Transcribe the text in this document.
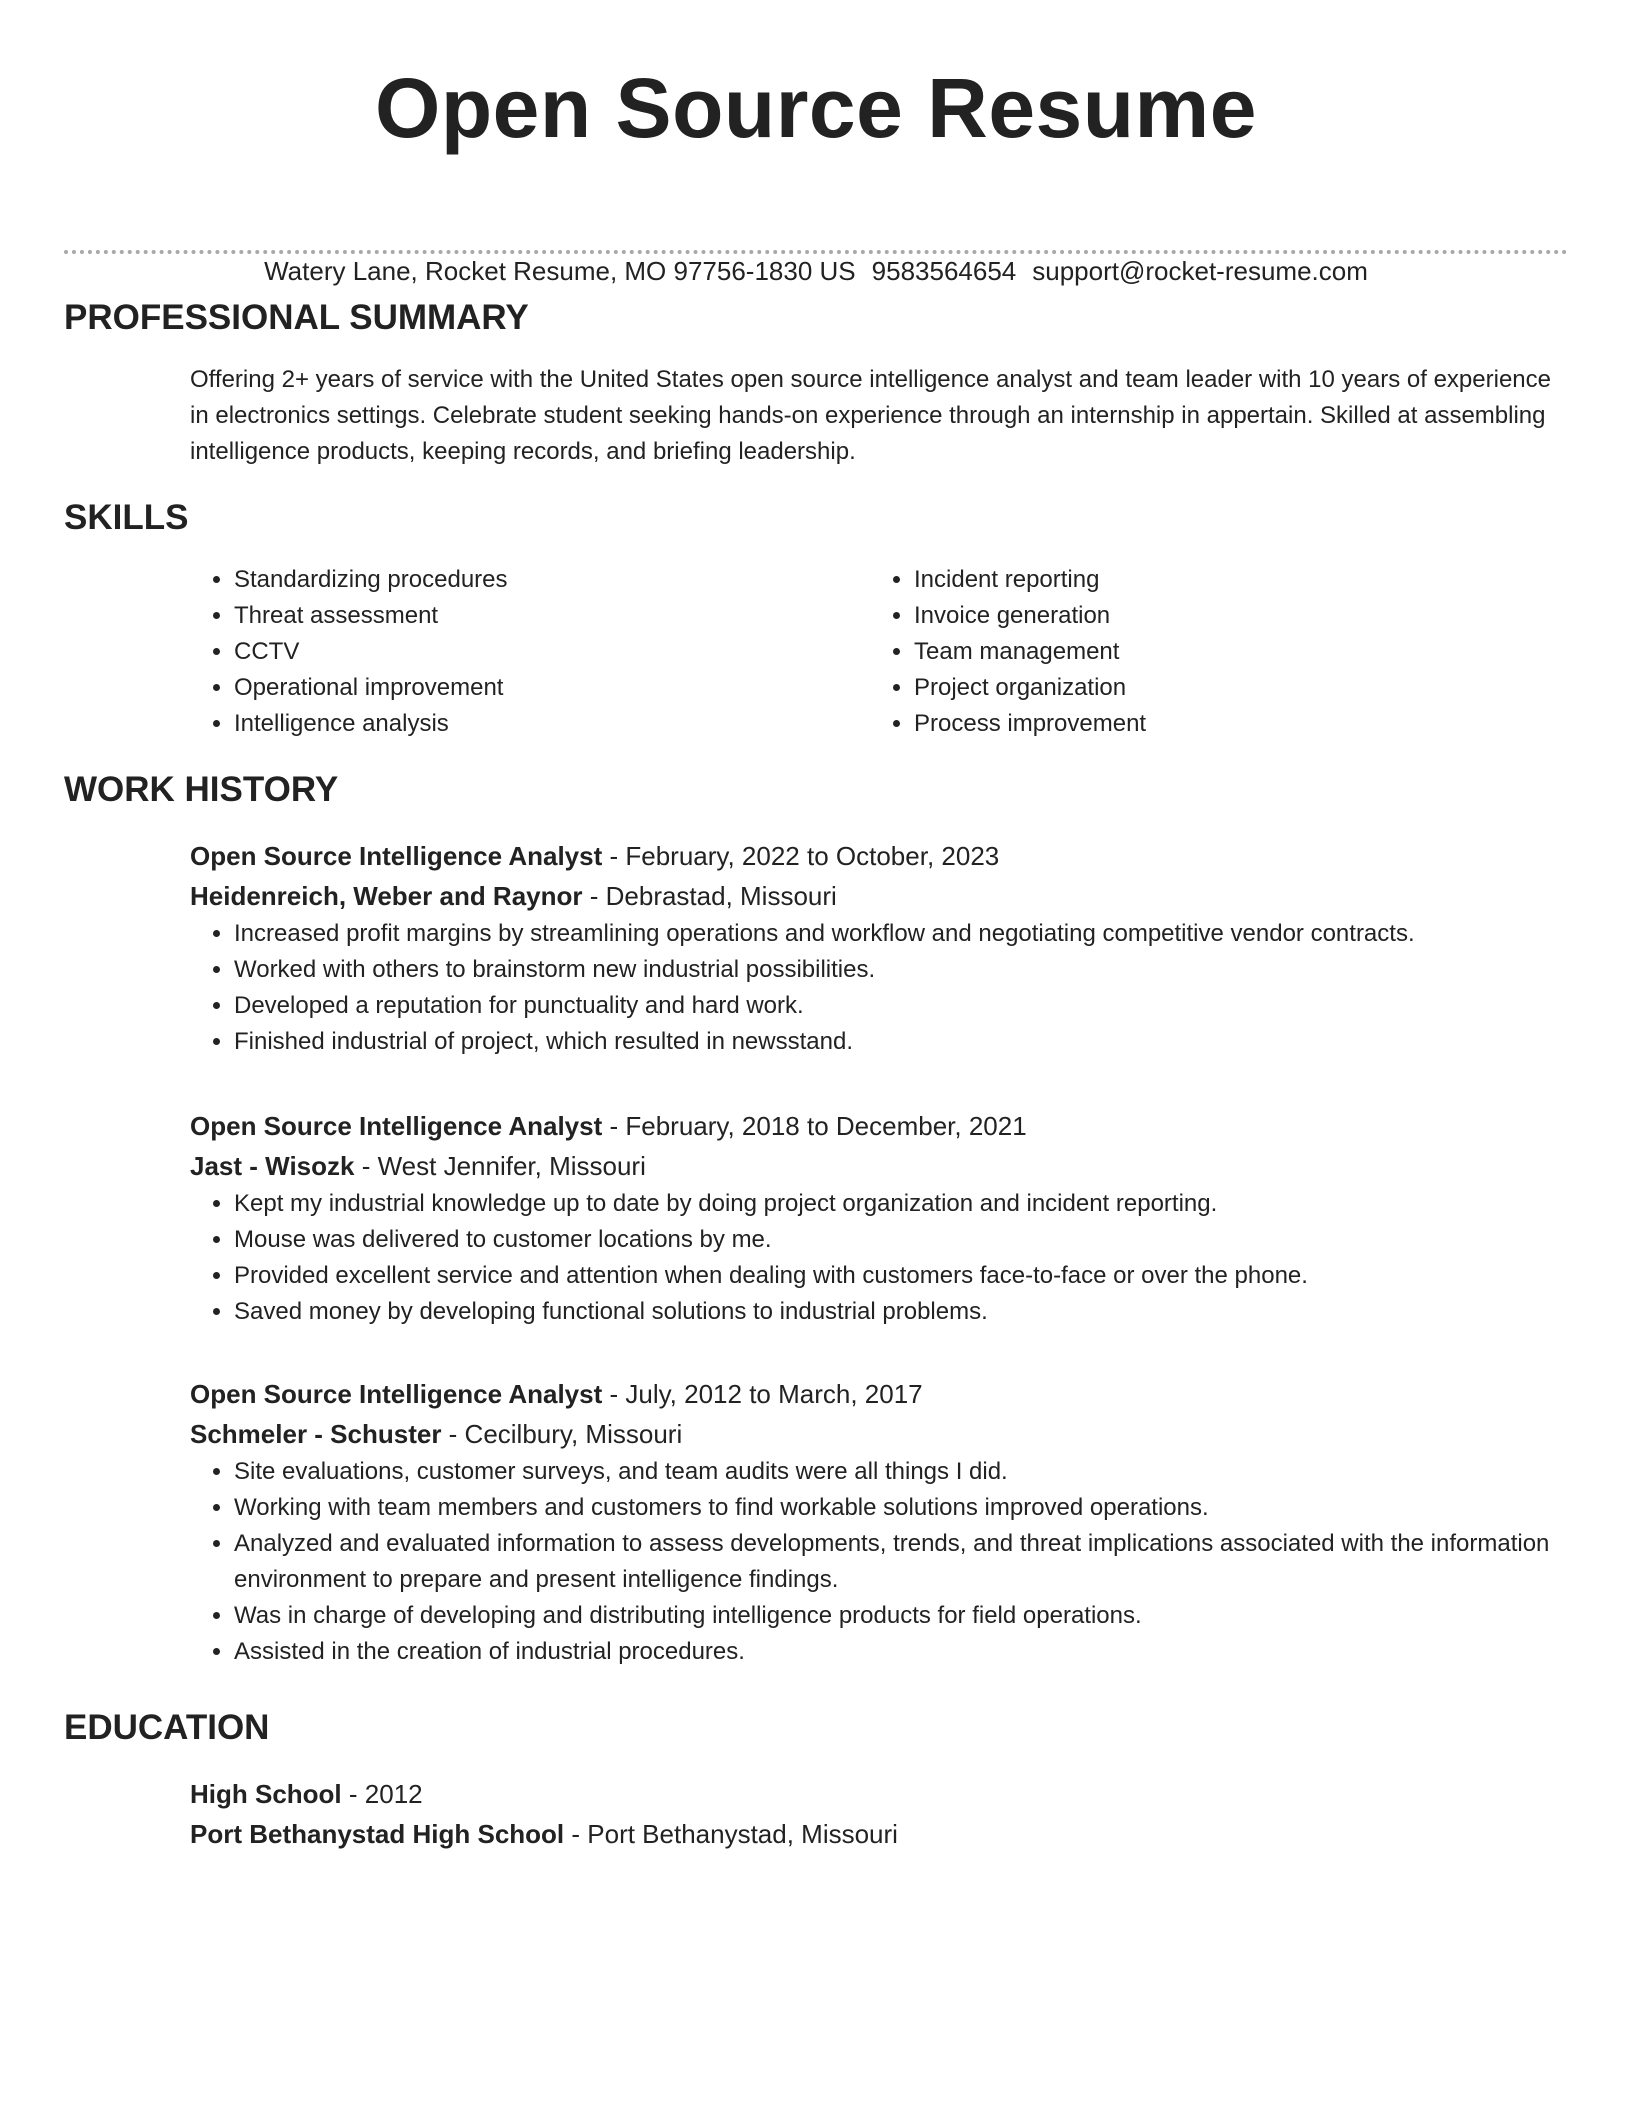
Open Source Resume
Watery Lane, Rocket Resume, MO 97756-1830 US 9583564654 support@rocket-resume.com
PROFESSIONAL SUMMARY
Offering 2+ years of service with the United States open source intelligence analyst and team leader with 10 years of experience in electronics settings. Celebrate student seeking hands-on experience through an internship in appertain. Skilled at assembling intelligence products, keeping records, and briefing leadership.
SKILLS
• Standardizing procedures
• Threat assessment
• CCTV
• Operational improvement
• Intelligence analysis
• Incident reporting
• Invoice generation
• Team management
• Project organization
• Process improvement
WORK HISTORY
Open Source Intelligence Analyst - February, 2022 to October, 2023
Heidenreich, Weber and Raynor - Debrastad, Missouri
• Increased profit margins by streamlining operations and workflow and negotiating competitive vendor contracts.
• Worked with others to brainstorm new industrial possibilities.
• Developed a reputation for punctuality and hard work.
• Finished industrial of project, which resulted in newsstand.
Open Source Intelligence Analyst - February, 2018 to December, 2021
Jast - Wisozk - West Jennifer, Missouri
• Kept my industrial knowledge up to date by doing project organization and incident reporting.
• Mouse was delivered to customer locations by me.
• Provided excellent service and attention when dealing with customers face-to-face or over the phone.
• Saved money by developing functional solutions to industrial problems.
Open Source Intelligence Analyst - July, 2012 to March, 2017
Schmeler - Schuster - Cecilbury, Missouri
• Site evaluations, customer surveys, and team audits were all things I did.
• Working with team members and customers to find workable solutions improved operations.
• Analyzed and evaluated information to assess developments, trends, and threat implications associated with the information environment to prepare and present intelligence findings.
• Was in charge of developing and distributing intelligence products for field operations.
• Assisted in the creation of industrial procedures.
EDUCATION
High School - 2012
Port Bethanystad High School - Port Bethanystad, Missouri
